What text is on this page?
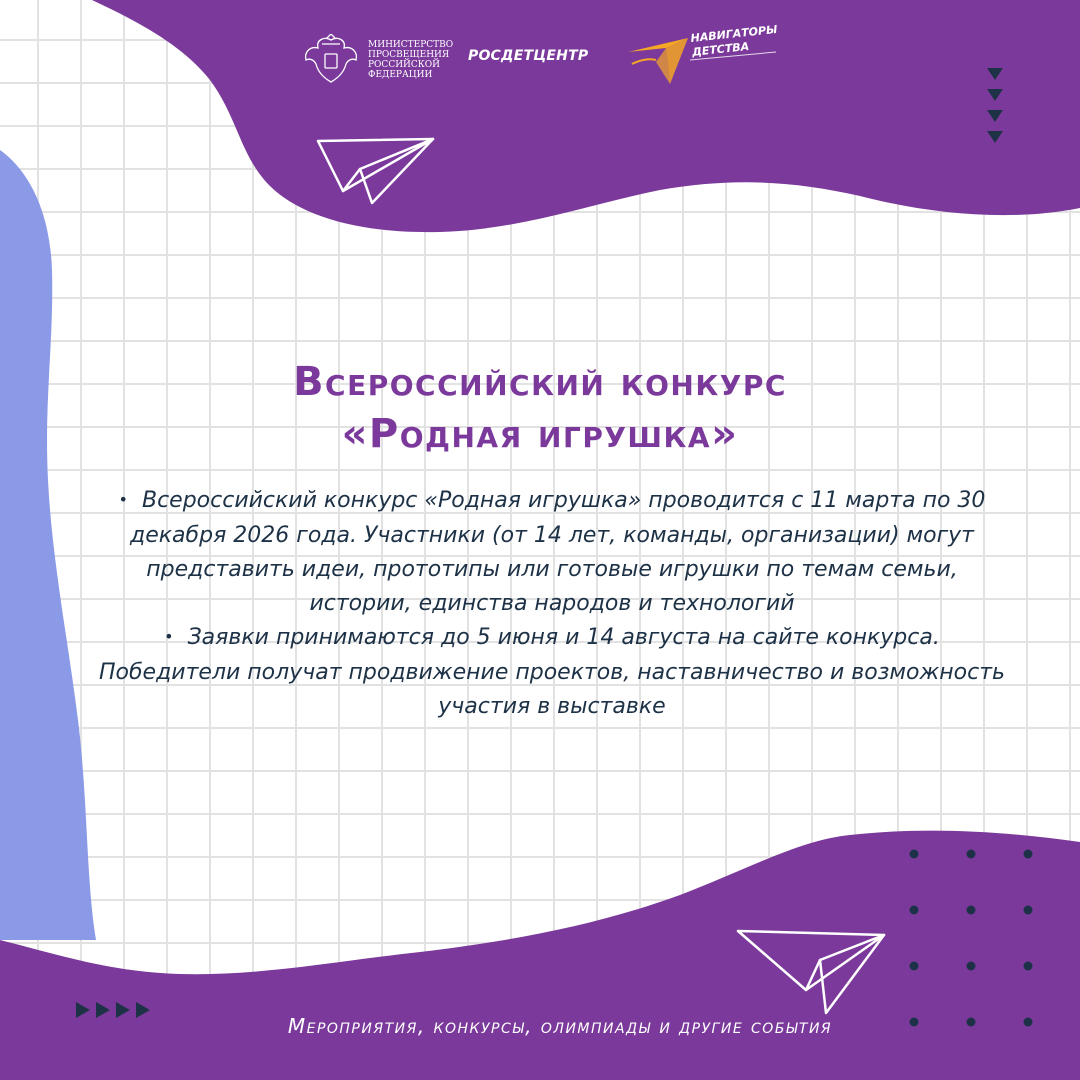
МИНИСТЕРСТВО
ПРОСВЕЩЕНИЯ
РОССИЙСКОЙ
ФЕДЕРАЦИИ
РОСДЕТЦЕНТР
НАВИГАТОРЫ
ДЕТСТВА
Всероссийский конкурс
«Родная игрушка»
• Всероссийский конкурс «Родная игрушка» проводится с 11 марта по 30 декабря 2026 года. Участники (от 14 лет, команды, организации) могут представить идеи, прототипы или готовые игрушки по темам семьи, истории, единства народов и технологий
• Заявки принимаются до 5 июня и 14 августа на сайте конкурса. Победители получат продвижение проектов, наставничество и возможность участия в выставке
Мероприятия, конкурсы, олимпиады и другие события
